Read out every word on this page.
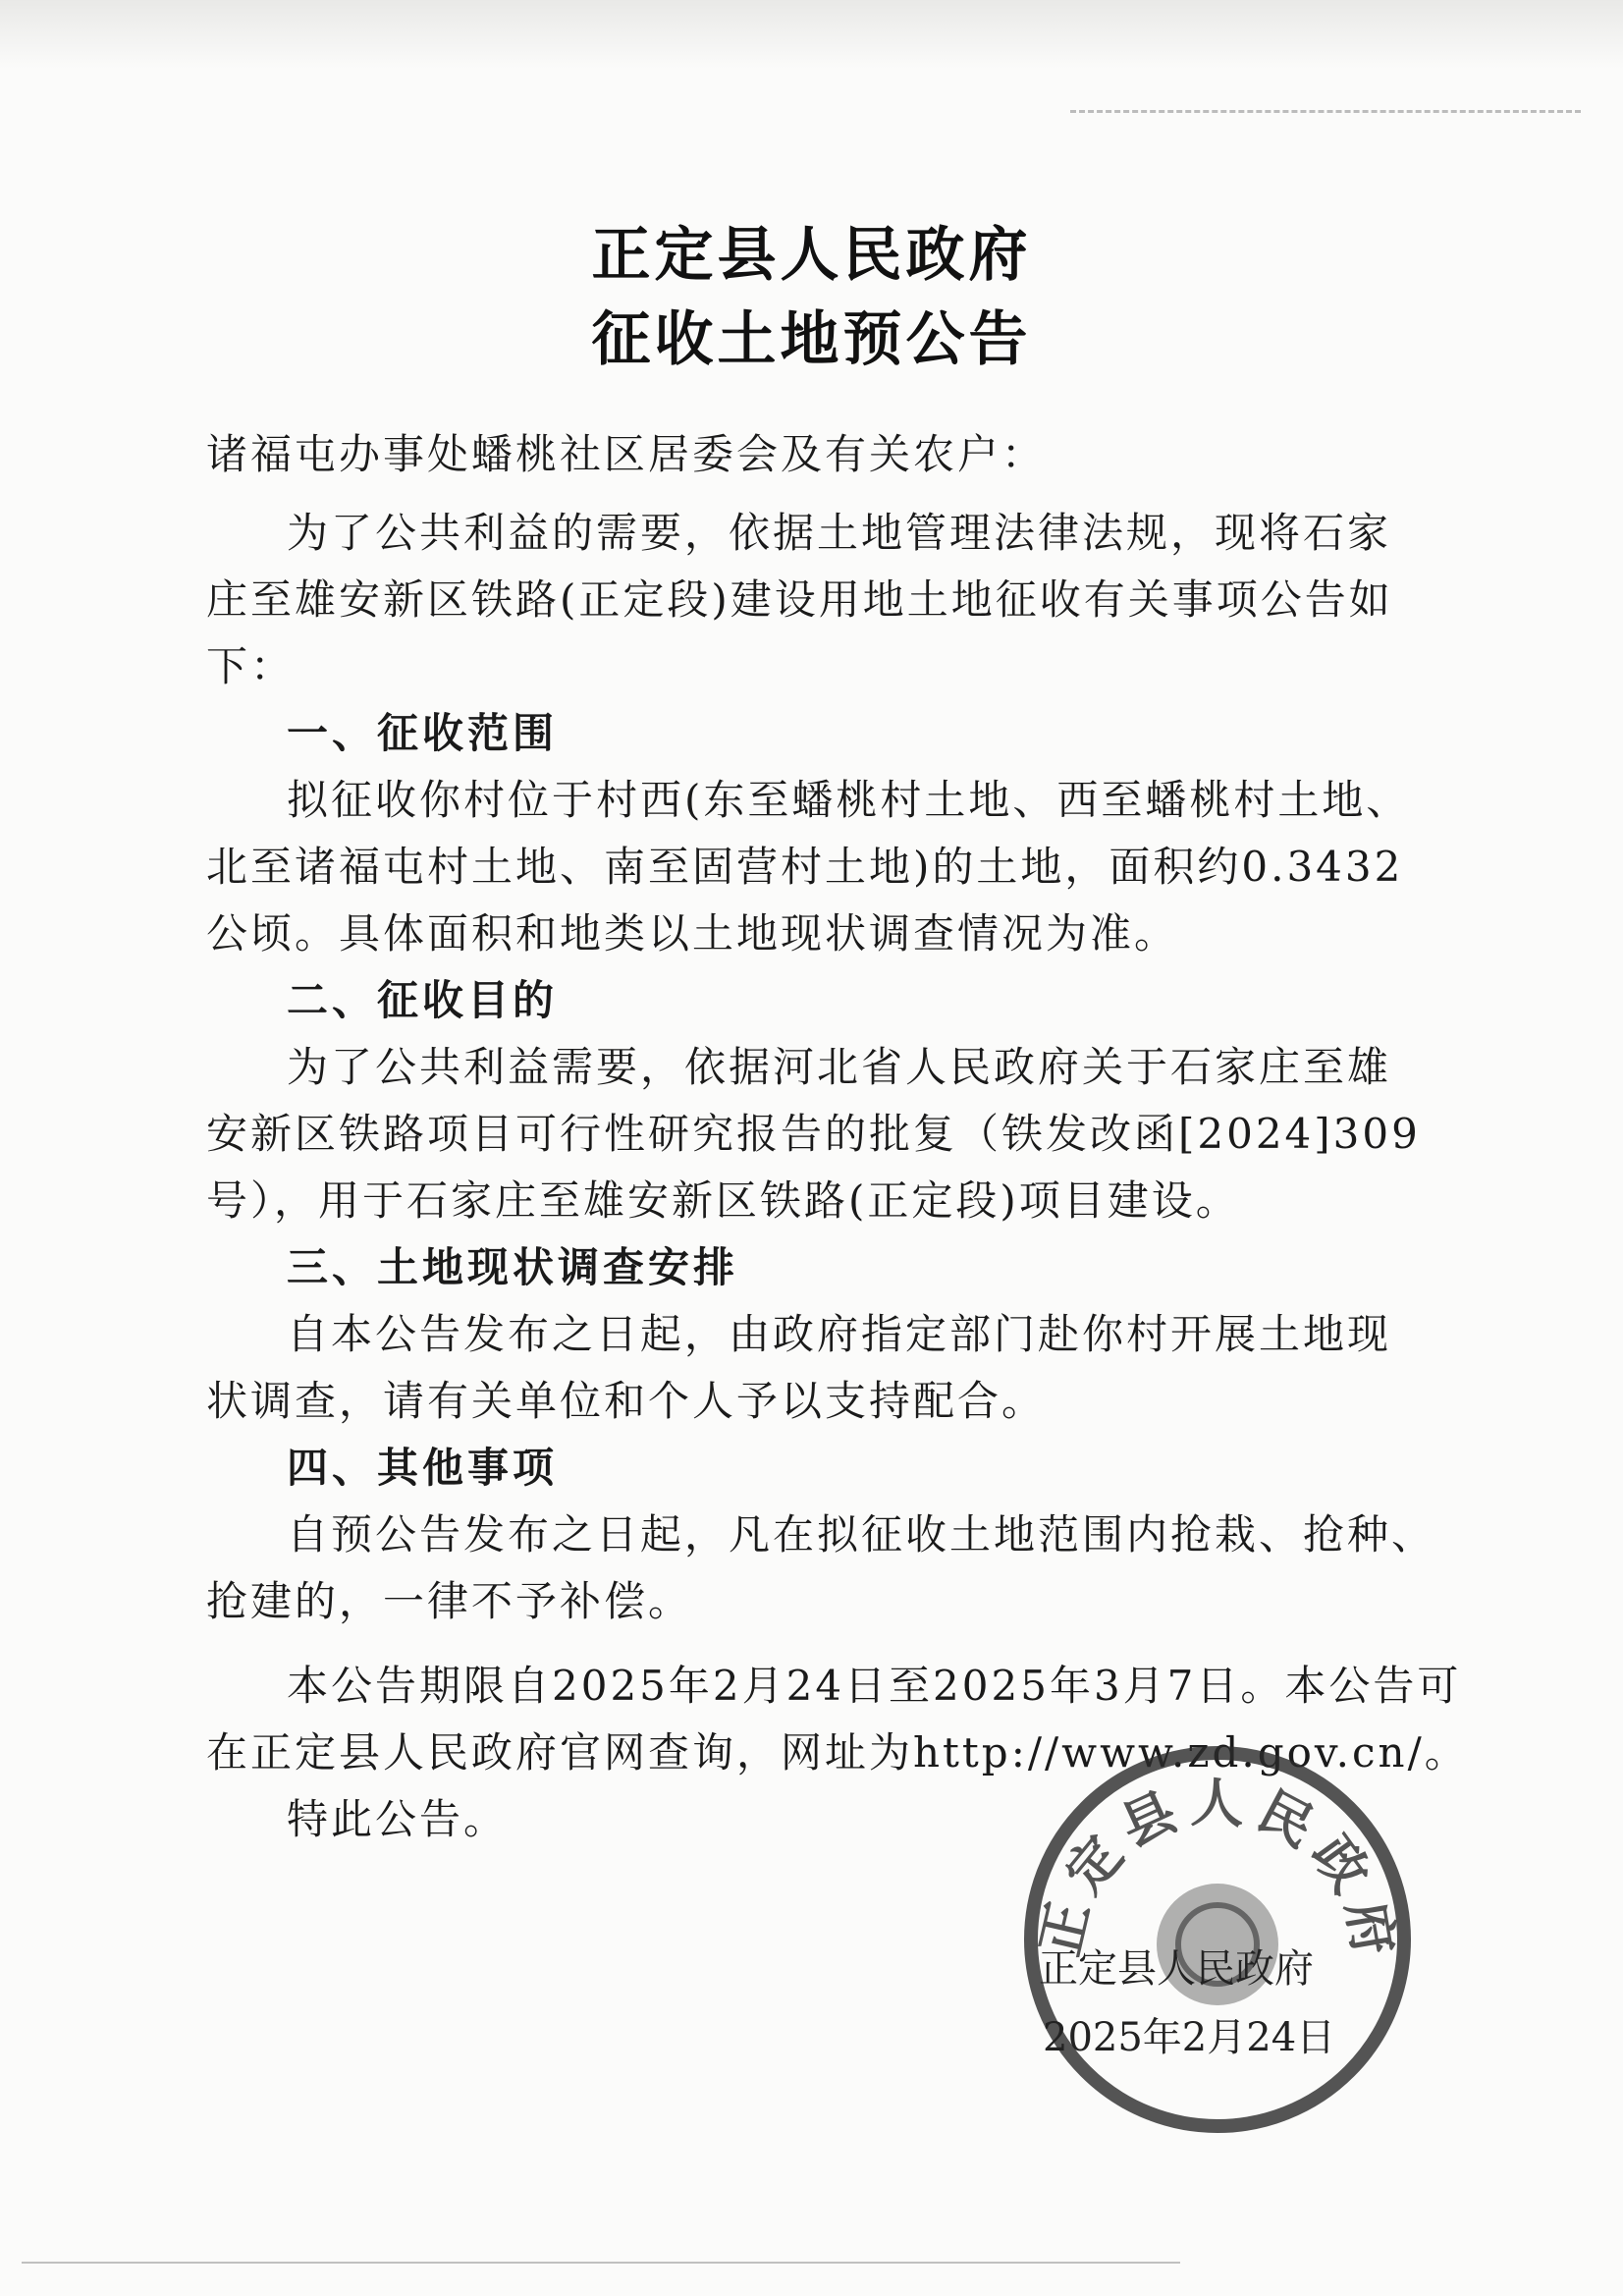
正定县人民政府
征收土地预公告
诸福屯办事处蟠桃社区居委会及有关农户：
为了公共利益的需要，依据土地管理法律法规，现将石家
庄至雄安新区铁路(正定段)建设用地土地征收有关事项公告如
下：
一、征收范围
拟征收你村位于村西(东至蟠桃村土地、西至蟠桃村土地、
北至诸福屯村土地、南至固营村土地)的土地，面积约0.3432
公顷。具体面积和地类以土地现状调查情况为准。
二、征收目的
为了公共利益需要，依据河北省人民政府关于石家庄至雄
安新区铁路项目可行性研究报告的批复（铁发改函[2024]309
号），用于石家庄至雄安新区铁路(正定段)项目建设。
三、土地现状调查安排
自本公告发布之日起，由政府指定部门赴你村开展土地现
状调查，请有关单位和个人予以支持配合。
四、其他事项
自预公告发布之日起，凡在拟征收土地范围内抢栽、抢种、
抢建的，一律不予补偿。
本公告期限自2025年2月24日至2025年3月7日。本公告可
在正定县人民政府官网查询，网址为http://www.zd.gov.cn/。
特此公告。
正定县人民政府
正定县人民政府
2025年2月24日
